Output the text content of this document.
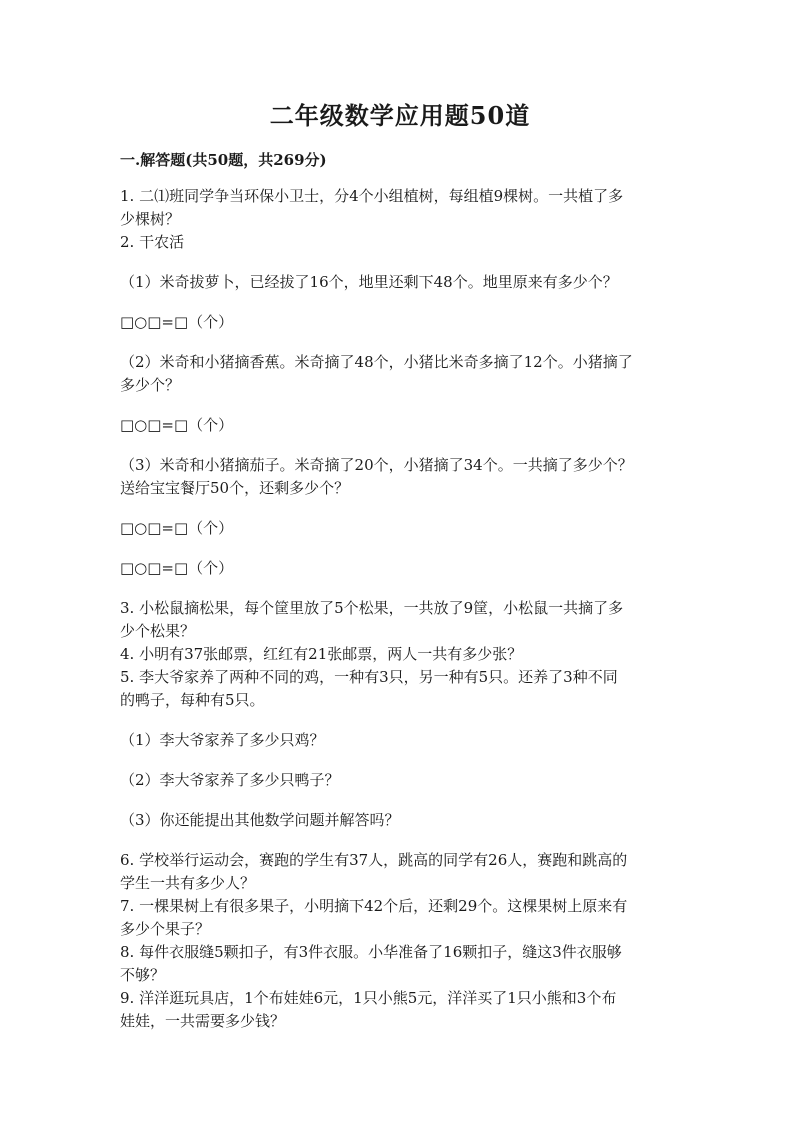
二年级数学应用题50道
一.解答题(共50题，共269分)

1. 二⑴班同学争当环保小卫士，分4个小组植树，每组植9棵树。一共植了多

少棵树？

2. 干农活

（1）米奇拔萝卜，已经拔了16个，地里还剩下48个。地里原来有多少个？

□○□=□（个）

（2）米奇和小猪摘香蕉。米奇摘了48个，小猪比米奇多摘了12个。小猪摘了

多少个？

□○□=□（个）

（3）米奇和小猪摘茄子。米奇摘了20个，小猪摘了34个。一共摘了多少个？

送给宝宝餐厅50个，还剩多少个？

□○□=□（个）

□○□=□（个）

3. 小松鼠摘松果，每个筐里放了5个松果，一共放了9筐，小松鼠一共摘了多

少个松果？

4. 小明有37张邮票，红红有21张邮票，两人一共有多少张？

5. 李大爷家养了两种不同的鸡，一种有3只，另一种有5只。还养了3种不同

的鸭子，每种有5只。

（1）李大爷家养了多少只鸡？

（2）李大爷家养了多少只鸭子？

（3）你还能提出其他数学问题并解答吗？

6. 学校举行运动会，赛跑的学生有37人，跳高的同学有26人，赛跑和跳高的

学生一共有多少人？

7. 一棵果树上有很多果子，小明摘下42个后，还剩29个。这棵果树上原来有

多少个果子？

8. 每件衣服缝5颗扣子，有3件衣服。小华准备了16颗扣子，缝这3件衣服够

不够？

9. 洋洋逛玩具店，1个布娃娃6元，1只小熊5元，洋洋买了1只小熊和3个布

娃娃，一共需要多少钱？
